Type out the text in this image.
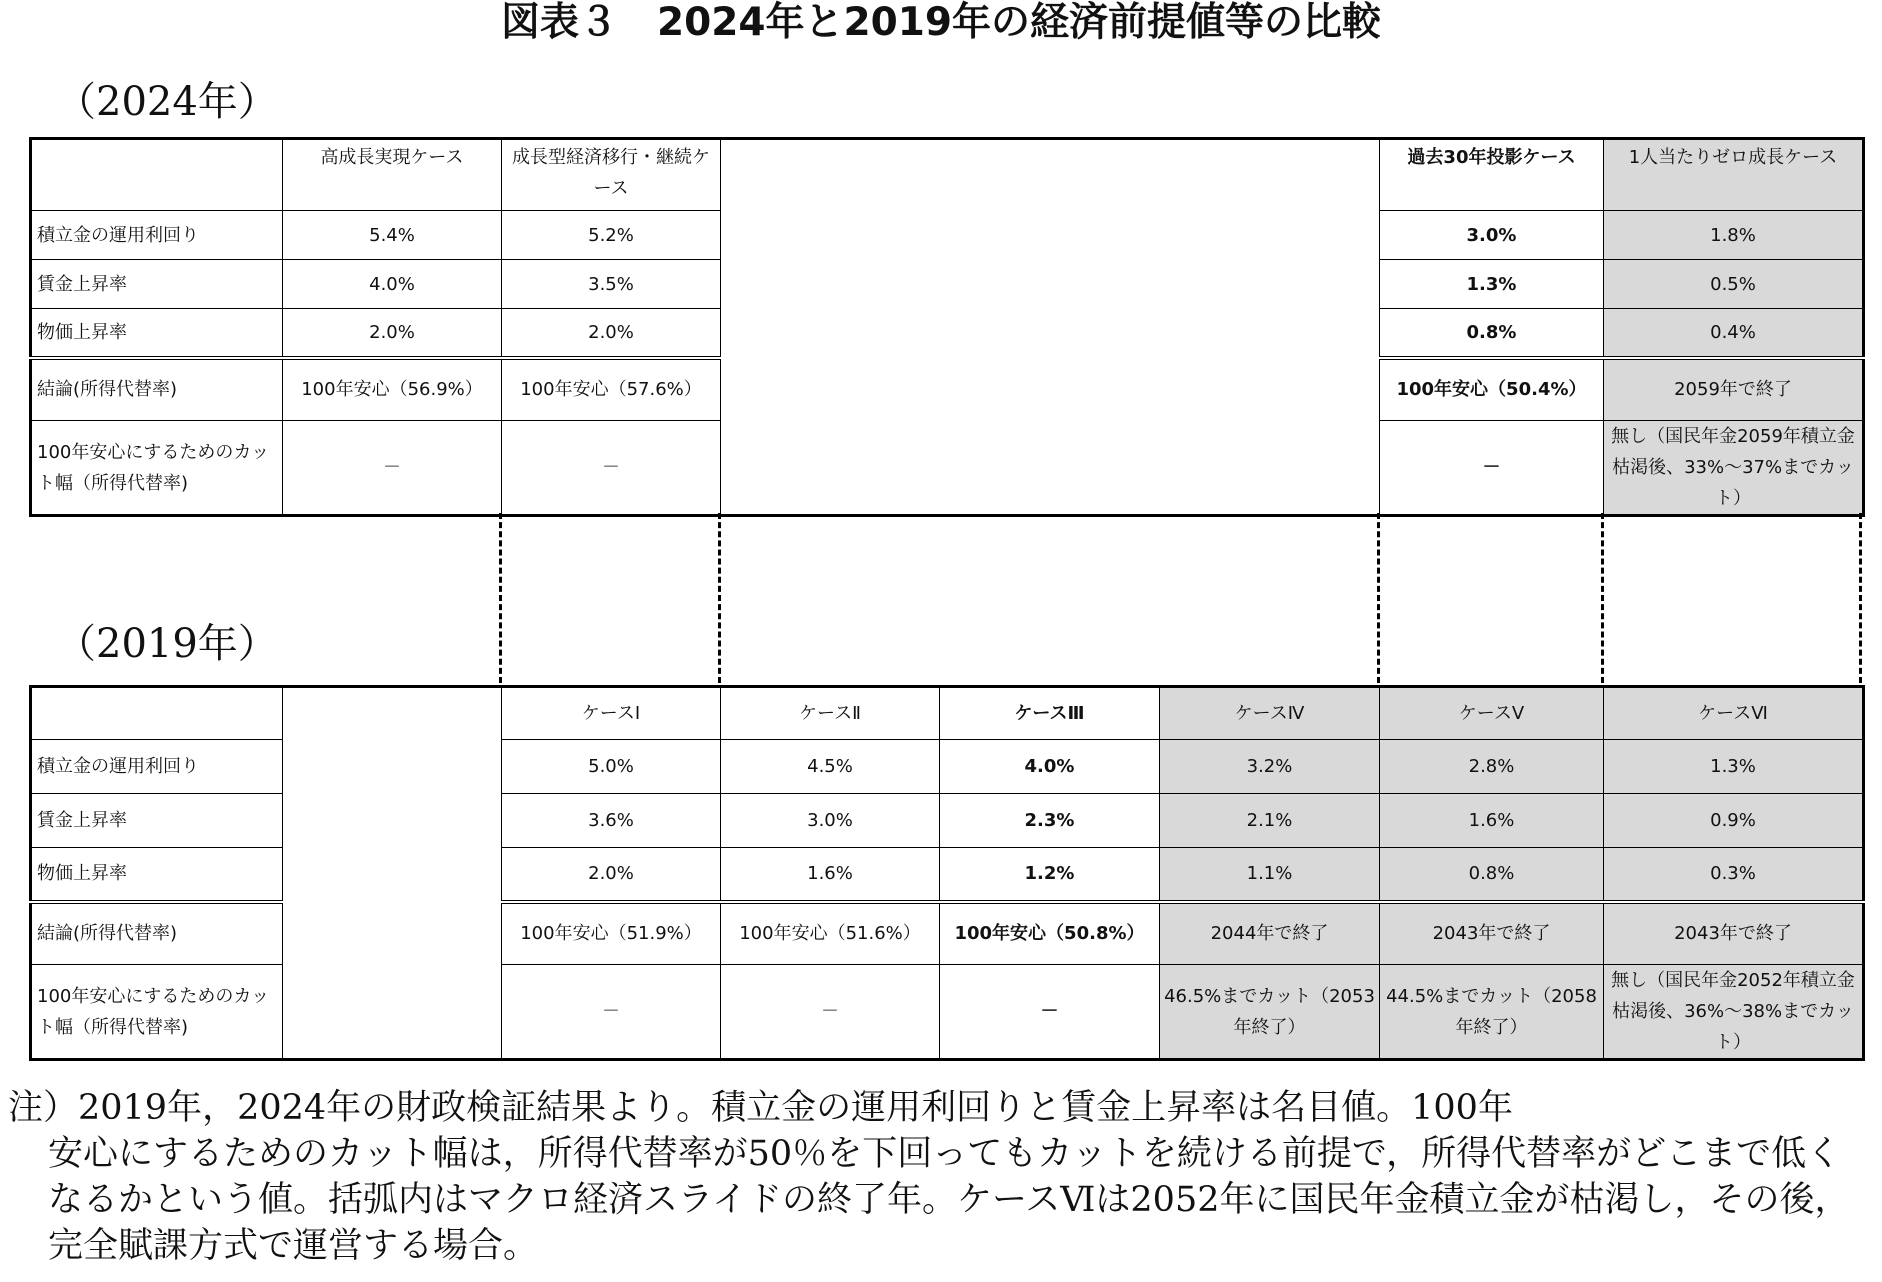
図表３　2024年と2019年の経済前提値等の比較
（2024年）
	高成長実現ケース	成長型経済移行・継続ケース		過去30年投影ケース	1人当たりゼロ成長ケース
積立金の運用利回り	5.4%	5.2%		3.0%	1.8%
賃金上昇率	4.0%	3.5%		1.3%	0.5%
物価上昇率	2.0%	2.0%		0.8%	0.4%
結論(所得代替率)	100年安心（56.9%）	100年安心（57.6%）		100年安心（50.4%）	2059年で終了
100年安心にするためのカット幅（所得代替率)	－	－		－	無し（国民年金2059年積立金枯渇後、33%～37%までカット）
（2019年）
		ケースⅠ	ケースⅡ	ケースⅢ	ケースⅣ	ケースⅤ	ケースⅥ
積立金の運用利回り		5.0%	4.5%	4.0%	3.2%	2.8%	1.3%
賃金上昇率		3.6%	3.0%	2.3%	2.1%	1.6%	0.9%
物価上昇率		2.0%	1.6%	1.2%	1.1%	0.8%	0.3%
結論(所得代替率)		100年安心（51.9%）	100年安心（51.6%）	100年安心（50.8%）	2044年で終了	2043年で終了	2043年で終了
100年安心にするためのカット幅（所得代替率)		－	－	－	46.5%までカット（2053年終了）	44.5%までカット（2058年終了）	無し（国民年金2052年積立金枯渇後、36%～38%までカット）
注）2019年，2024年の財政検証結果より。積立金の運用利回りと賃金上昇率は名目値。100年
安心にするためのカット幅は，所得代替率が50％を下回ってもカットを続ける前提で，所得代替率がどこまで低くなるかという値。括弧内はマクロ経済スライドの終了年。ケースⅥは2052年に国民年金積立金が枯渇し，その後，完全賦課方式で運営する場合。
